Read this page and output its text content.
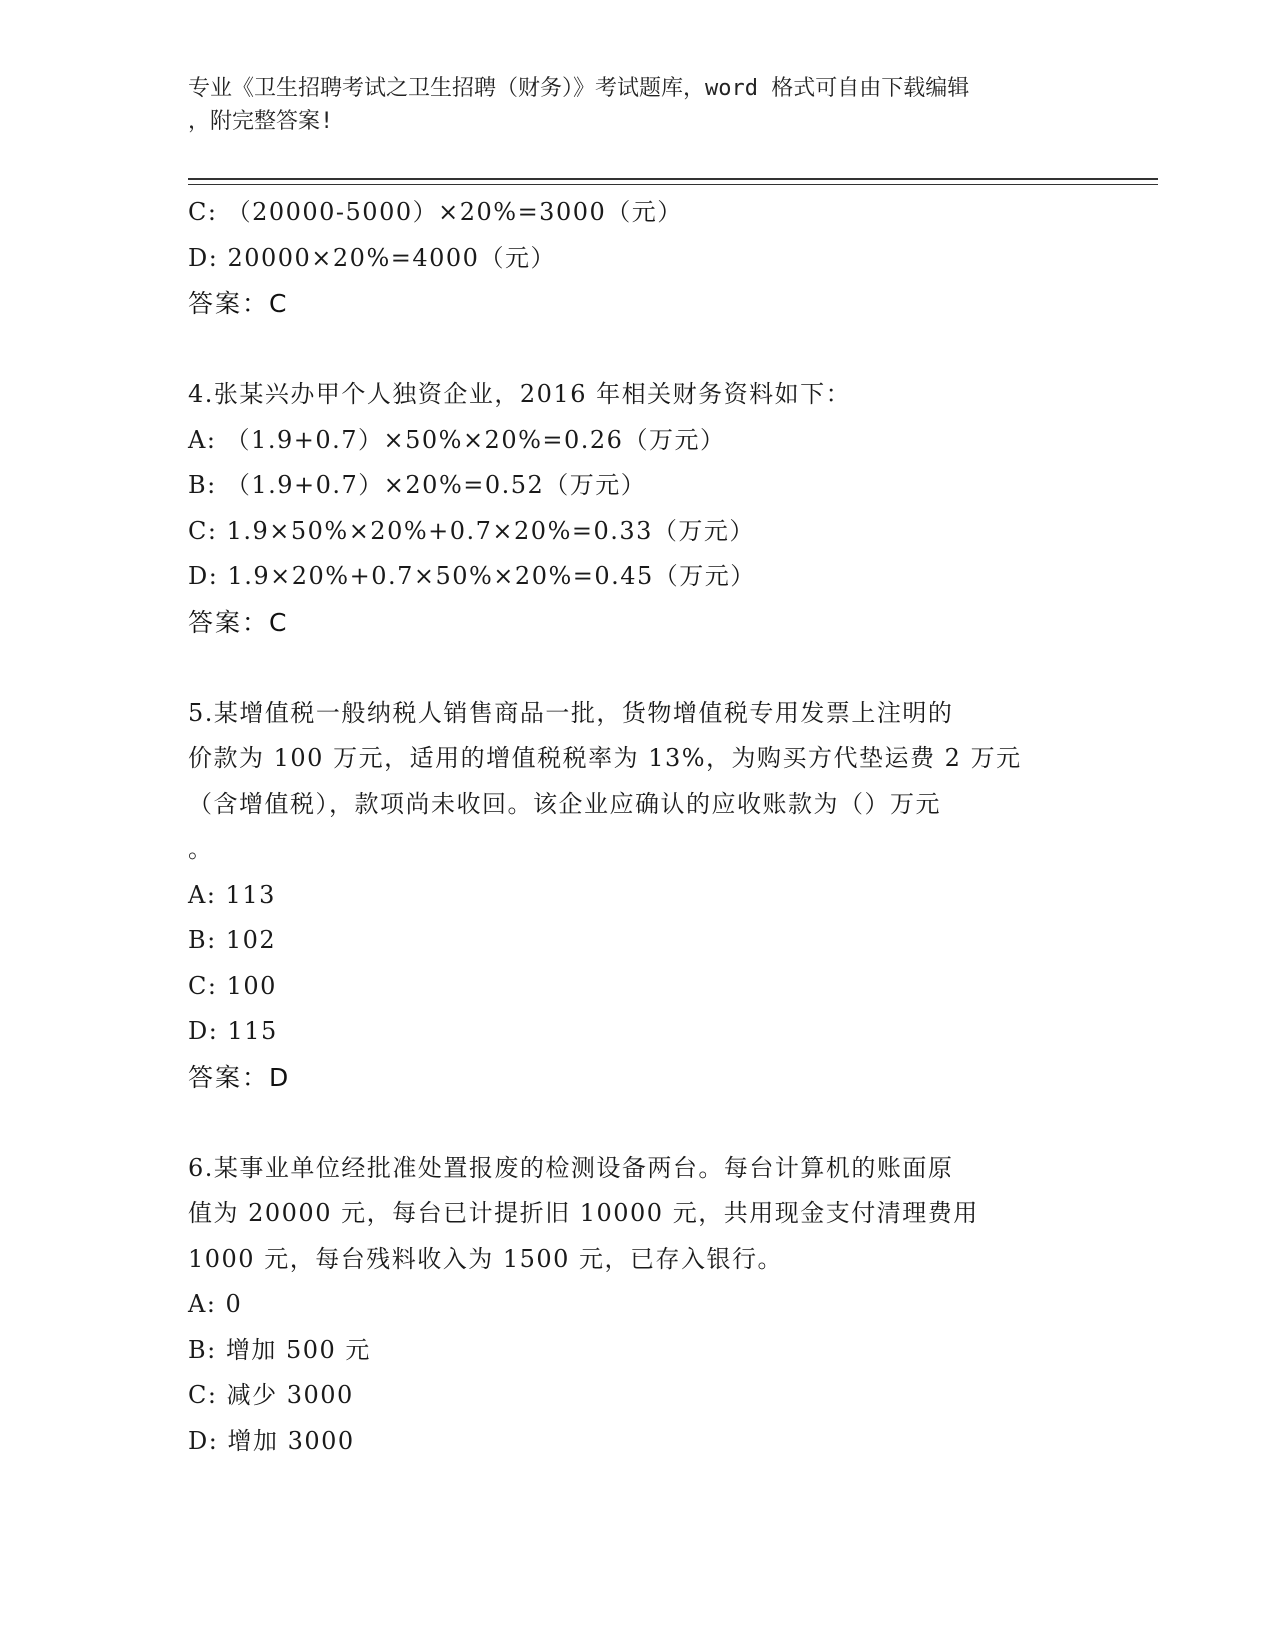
专业《卫生招聘考试之卫生招聘（财务）》考试题库，word 格式可自由下载编辑
，附完整答案!
C: （20000-5000）×20%=3000（元）
D: 20000×20%=4000（元）
答案：C
4.张某兴办甲个人独资企业，2016 年相关财务资料如下：
A: （1.9+0.7）×50%×20%=0.26（万元）
B: （1.9+0.7）×20%=0.52（万元）
C: 1.9×50%×20%+0.7×20%=0.33（万元）
D: 1.9×20%+0.7×50%×20%=0.45（万元）
答案：C
5.某增值税一般纳税人销售商品一批，货物增值税专用发票上注明的
价款为 100 万元，适用的增值税税率为 13%，为购买方代垫运费 2 万元
（含增值税），款项尚未收回。该企业应确认的应收账款为（）万元
。
A: 113
B: 102
C: 100
D: 115
答案：D
6.某事业单位经批准处置报废的检测设备两台。每台计算机的账面原
值为 20000 元，每台已计提折旧 10000 元，共用现金支付清理费用
1000 元，每台残料收入为 1500 元，已存入银行。
A: 0
B: 增加 500 元
C: 减少 3000
D: 增加 3000
